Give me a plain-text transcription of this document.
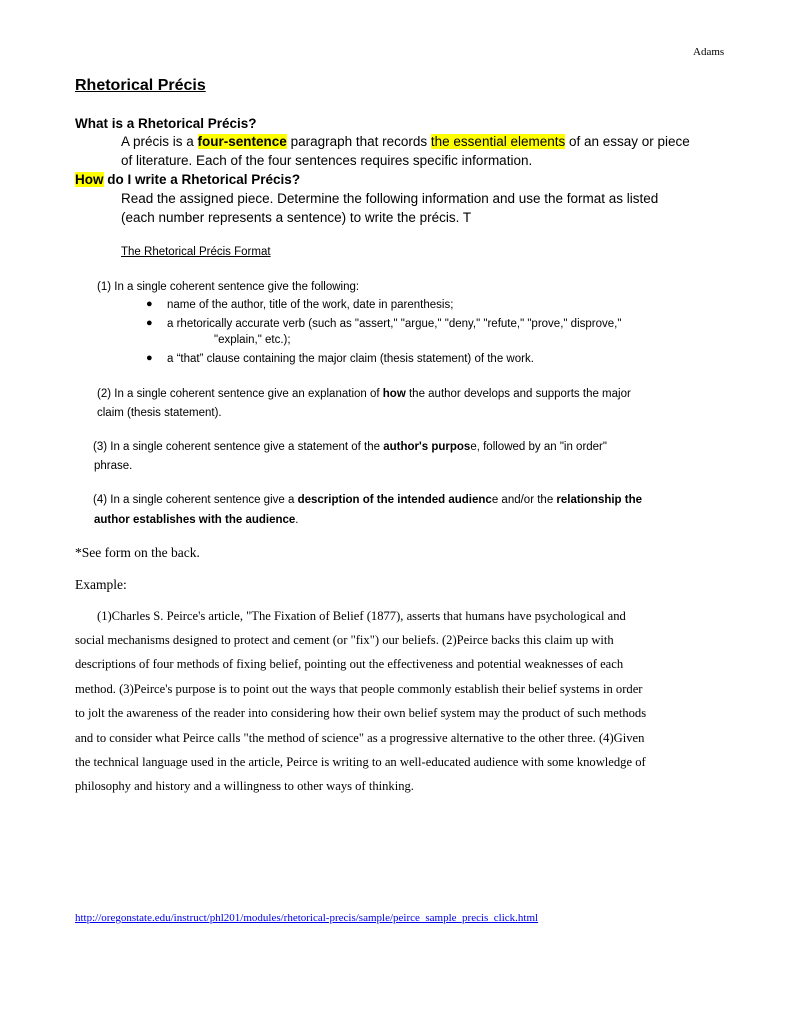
Adams
Rhetorical Précis
What is a Rhetorical Précis?
A précis is a four-sentence paragraph that records the essential elements of an essay or piece
of literature. Each of the four sentences requires specific information.
How do I write a Rhetorical Précis?
Read the assigned piece. Determine the following information and use the format as listed
(each number represents a sentence) to write the précis. T
The Rhetorical Précis Format
(1) In a single coherent sentence give the following:
● name of the author, title of the work, date in parenthesis;
● a rhetorically accurate verb (such as "assert," "argue," "deny," "refute," "prove," disprove,"
"explain," etc.);
● a “that” clause containing the major claim (thesis statement) of the work.
(2) In a single coherent sentence give an explanation of how the author develops and supports the major
claim (thesis statement).
(3) In a single coherent sentence give a statement of the author's purpose, followed by an "in order"
phrase.
(4) In a single coherent sentence give a description of the intended audience and/or the relationship the
author establishes with the audience.
*See form on the back.
Example:
(1)Charles S. Peirce's article, "The Fixation of Belief (1877), asserts that humans have psychological and
social mechanisms designed to protect and cement (or "fix") our beliefs. (2)Peirce backs this claim up with
descriptions of four methods of fixing belief, pointing out the effectiveness and potential weaknesses of each
method. (3)Peirce's purpose is to point out the ways that people commonly establish their belief systems in order
to jolt the awareness of the reader into considering how their own belief system may the product of such methods
and to consider what Peirce calls "the method of science" as a progressive alternative to the other three. (4)Given
the technical language used in the article, Peirce is writing to an well-educated audience with some knowledge of
philosophy and history and a willingness to other ways of thinking.
http://oregonstate.edu/instruct/phl201/modules/rhetorical-precis/sample/peirce_sample_precis_click.html
